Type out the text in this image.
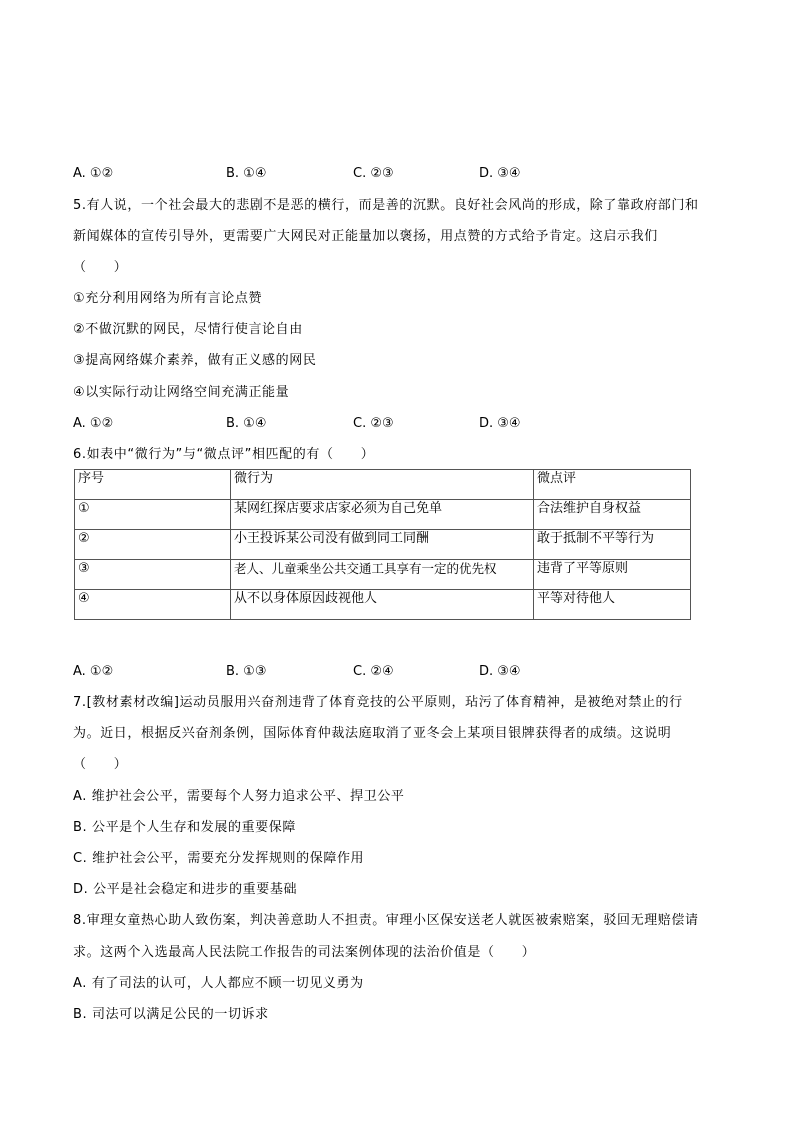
A. ①②	B. ①④	C. ②③	D. ③④
5.有人说，一个社会最大的悲剧不是恶的横行，而是善的沉默。良好社会风尚的形成，除了靠政府部门和
新闻媒体的宣传引导外，更需要广大网民对正能量加以褒扬，用点赞的方式给予肯定。这启示我们
（　　）
①充分利用网络为所有言论点赞
②不做沉默的网民，尽情行使言论自由
③提高网络媒介素养，做有正义感的网民
④以实际行动让网络空间充满正能量
A. ①②	B. ①④	C. ②③	D. ③④
6.如表中“微行为”与“微点评”相匹配的有（　　）
序号	微行为	微点评
①	某网红探店要求店家必须为自己免单	合法维护自身权益
②	小王投诉某公司没有做到同工同酬	敢于抵制不平等行为
③	老人、儿童乘坐公共交通工具享有一定的优先权	违背了平等原则
④	从不以身体原因歧视他人	平等对待他人
A. ①②	B. ①③	C. ②④	D. ③④
7.[教材素材改编]运动员服用兴奋剂违背了体育竞技的公平原则，玷污了体育精神，是被绝对禁止的行
为。近日，根据反兴奋剂条例，国际体育仲裁法庭取消了亚冬会上某项目银牌获得者的成绩。这说明
（　　）
A. 维护社会公平，需要每个人努力追求公平、捍卫公平
B. 公平是个人生存和发展的重要保障
C. 维护社会公平，需要充分发挥规则的保障作用
D. 公平是社会稳定和进步的重要基础
8.审理女童热心助人致伤案，判决善意助人不担责。审理小区保安送老人就医被索赔案，驳回无理赔偿请
求。这两个入选最高人民法院工作报告的司法案例体现的法治价值是（　　）
A. 有了司法的认可，人人都应不顾一切见义勇为
B. 司法可以满足公民的一切诉求
